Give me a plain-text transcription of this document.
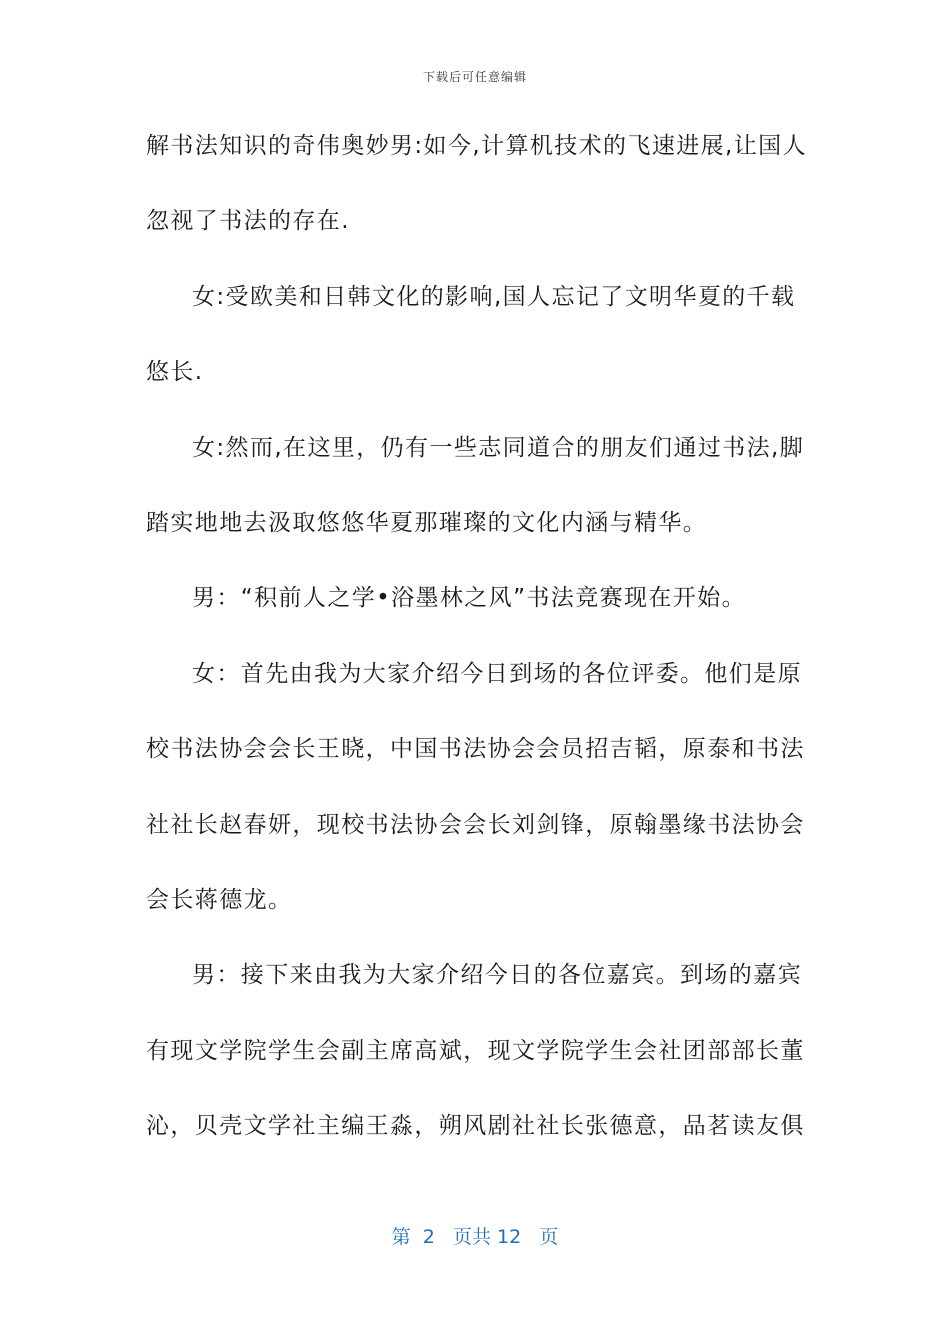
下载后可任意编辑
解书法知识的奇伟奥妙男:如今,计算机技术的飞速进展,让国人
忽视了书法的存在.
女:受欧美和日韩文化的影响,国人忘记了文明华夏的千载
悠长.
女:然而,在这里，仍有一些志同道合的朋友们通过书法,脚
踏实地地去汲取悠悠华夏那璀璨的文化内涵与精华。
男：“积前人之学•浴墨林之风”书法竞赛现在开始。
女：首先由我为大家介绍今日到场的各位评委。他们是原
校书法协会会长王晓，中国书法协会会员招吉韬，原泰和书法
社社长赵春妍，现校书法协会会长刘剑锋，原翰墨缘书法协会
会长蒋德龙。
男：接下来由我为大家介绍今日的各位嘉宾。到场的嘉宾
有现文学院学生会副主席高斌，现文学院学生会社团部部长董
沁，贝壳文学社主编王淼，朔风剧社社长张德意，品茗读友俱
第 2 页共 12 页
